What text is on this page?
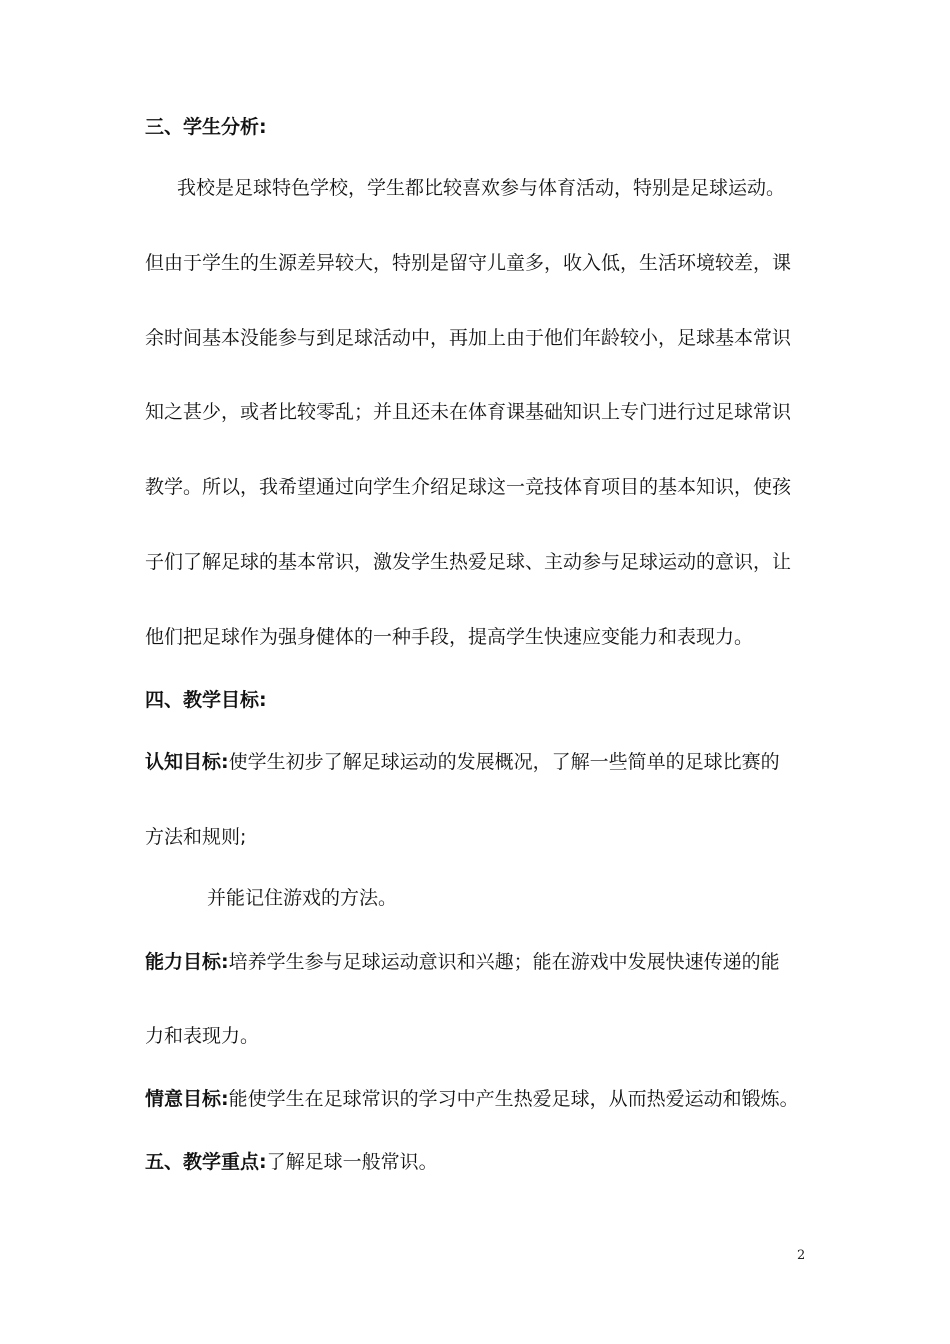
三、学生分析:
我校是足球特色学校，学生都比较喜欢参与体育活动，特别是足球运动。
但由于学生的生源差异较大，特别是留守儿童多，收入低，生活环境较差，课
余时间基本没能参与到足球活动中，再加上由于他们年龄较小，足球基本常识
知之甚少，或者比较零乱；并且还未在体育课基础知识上专门进行过足球常识
教学。所以，我希望通过向学生介绍足球这一竞技体育项目的基本知识，使孩
子们了解足球的基本常识，激发学生热爱足球、主动参与足球运动的意识，让
他们把足球作为强身健体的一种手段，提高学生快速应变能力和表现力。
四、教学目标:
认知目标:使学生初步了解足球运动的发展概况，了解一些简单的足球比赛的
方法和规则;
并能记住游戏的方法。
能力目标:培养学生参与足球运动意识和兴趣；能在游戏中发展快速传递的能
力和表现力。
情意目标:能使学生在足球常识的学习中产生热爱足球，从而热爱运动和锻炼。
五、教学重点:了解足球一般常识。
2
